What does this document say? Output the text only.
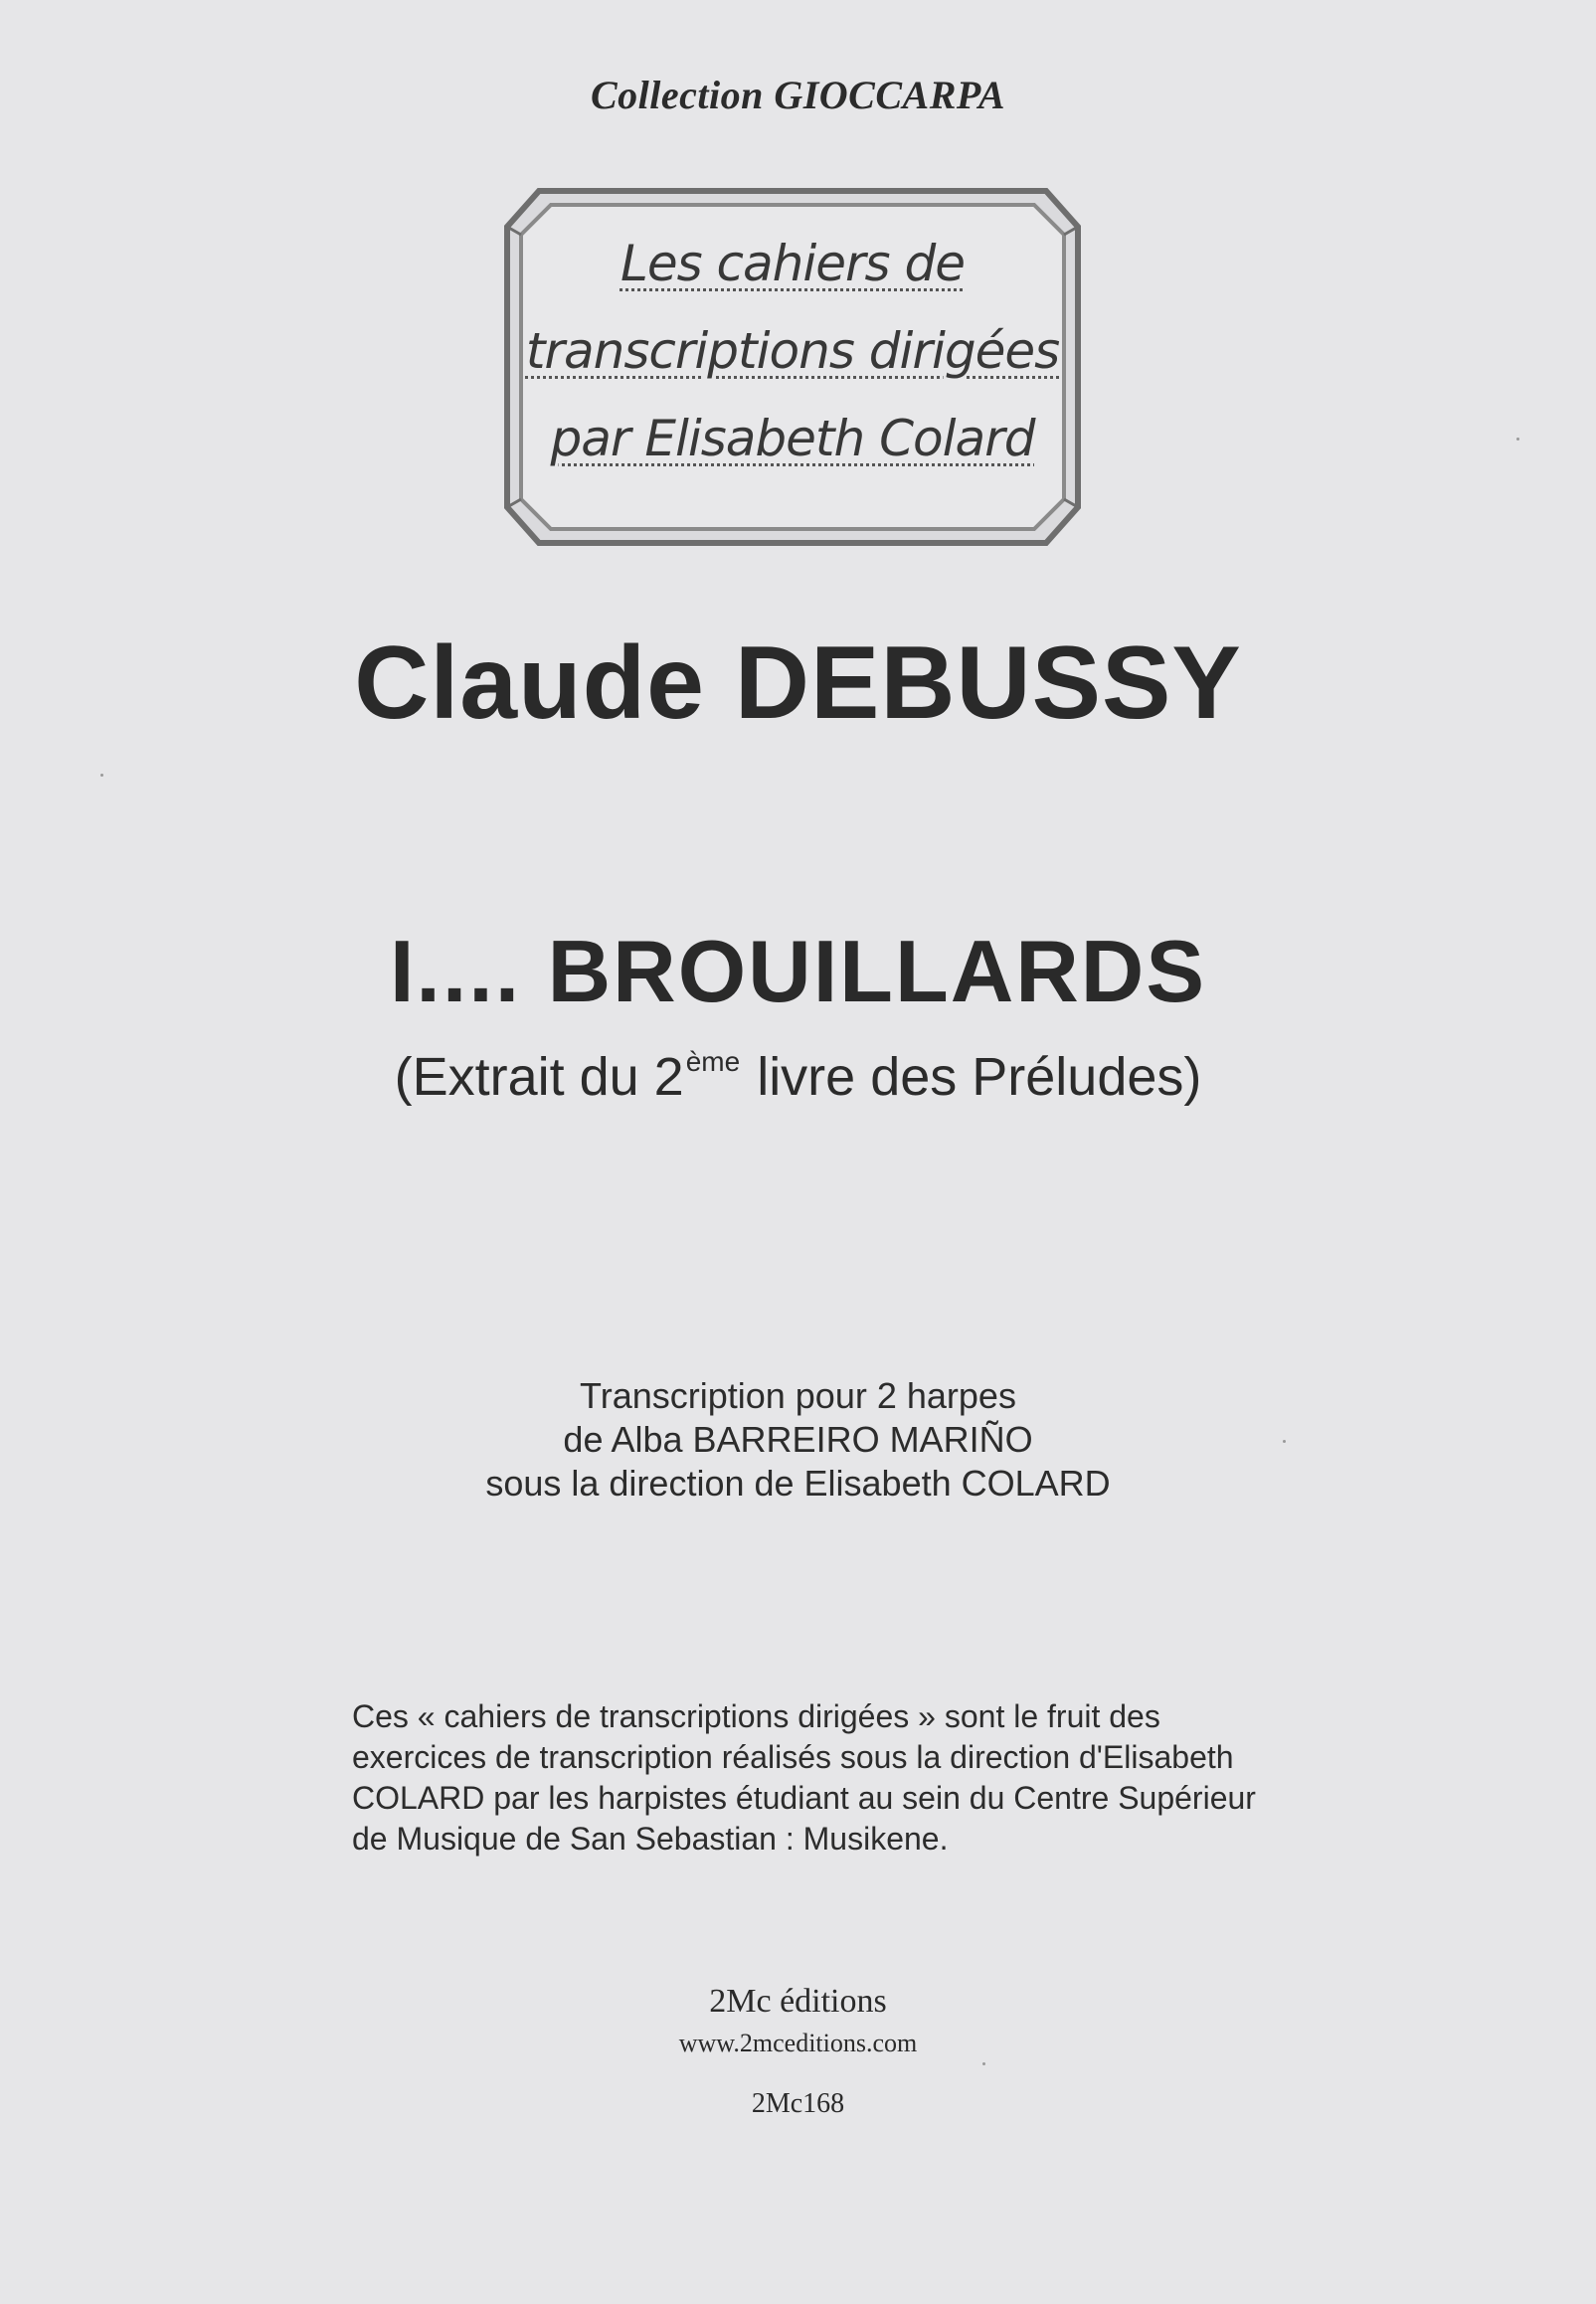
Collection GIOCCARPA
Les cahiers de
transcriptions dirigées
par Elisabeth Colard
Claude DEBUSSY
I.... BROUILLARDS
(Extrait du 2ème livre des Préludes)
Transcription pour 2 harpes
de Alba BARREIRO MARIÑO
sous la direction de Elisabeth COLARD
Ces « cahiers de transcriptions dirigées » sont le fruit des
exercices de transcription réalisés sous la direction d'Elisabeth
COLARD par les harpistes étudiant au sein du Centre Supérieur
de Musique de San Sebastian : Musikene.
2Mc éditions
www.2mceditions.com
2Mc168
